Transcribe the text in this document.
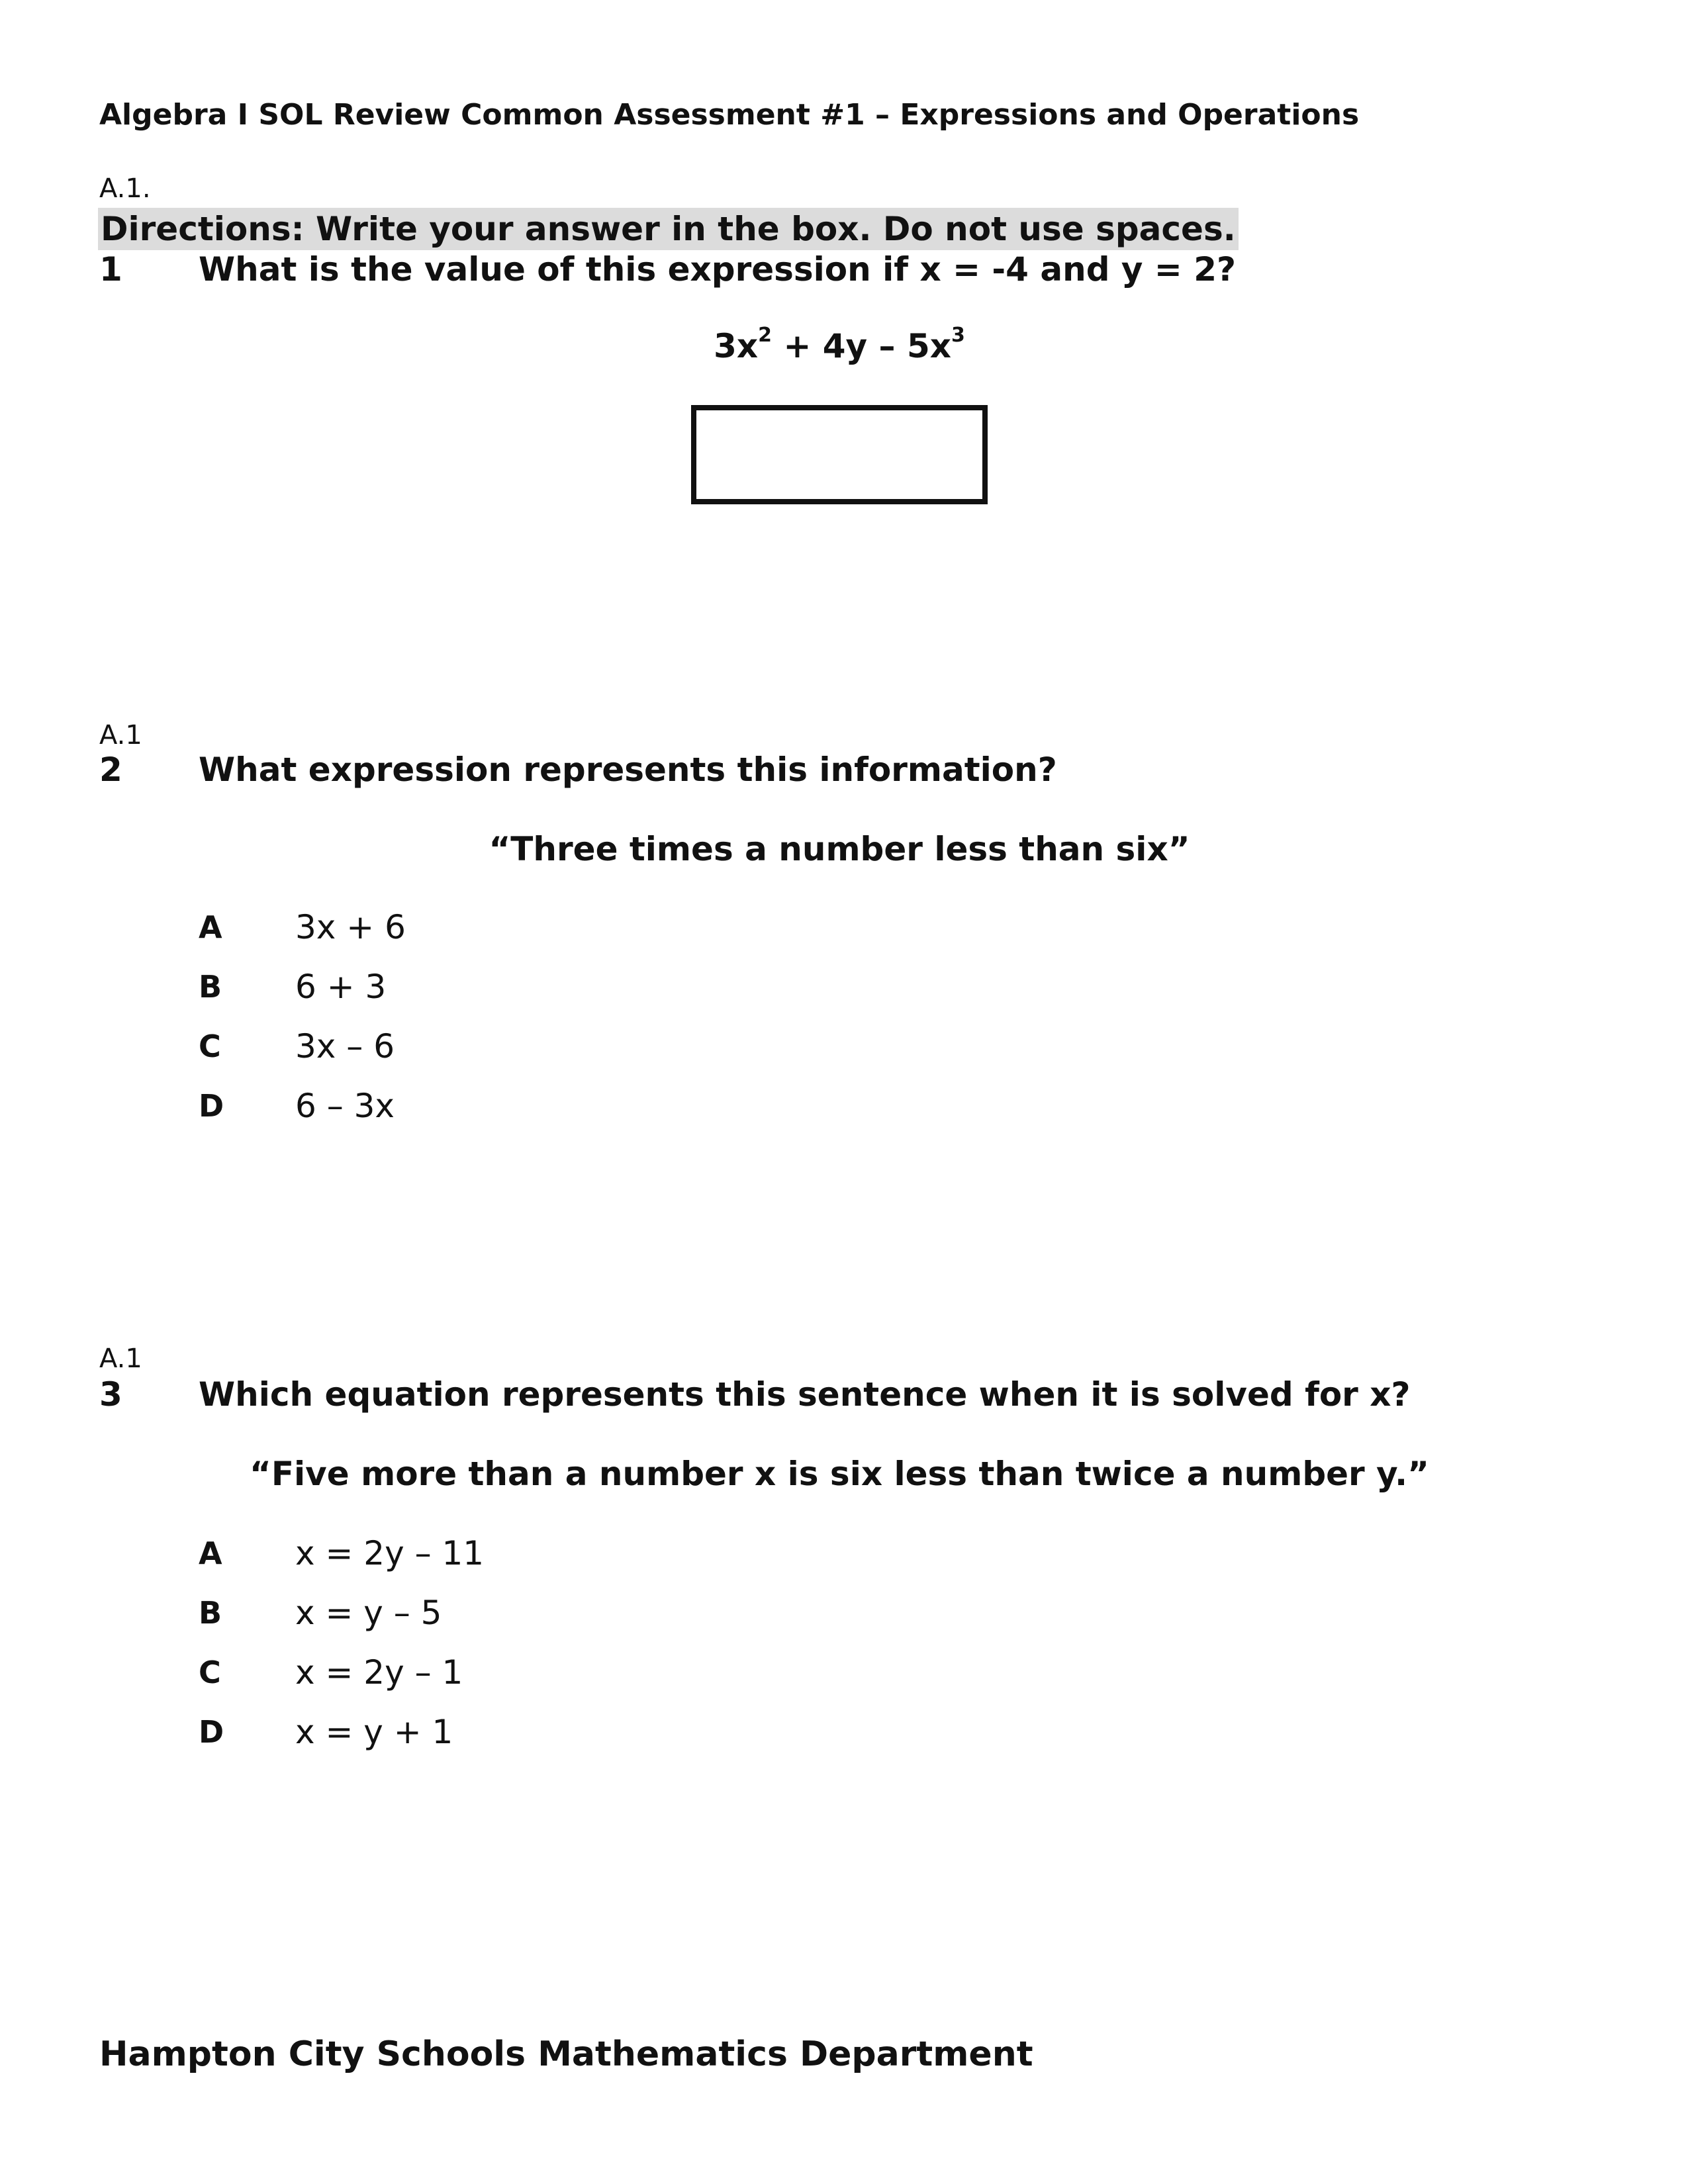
Algebra I SOL Review Common Assessment #1 – Expressions and Operations
A.1.
Directions: Write your answer in the box. Do not use spaces.
1 What is the value of this expression if x = -4 and y = 2?
$3x^2 + 4y - 5x^3$
A.1
2 What expression represents this information?
“Three times a number less than six”
A 3x + 6
B 6 + 3
C 3x – 6
D 6 – 3x
A.1
3 Which equation represents this sentence when it is solved for x?
“Five more than a number x is six less than twice a number y.”
A x = 2y – 11
B x = y – 5
C x = 2y – 1
D x = y + 1
Hampton City Schools Mathematics Department
